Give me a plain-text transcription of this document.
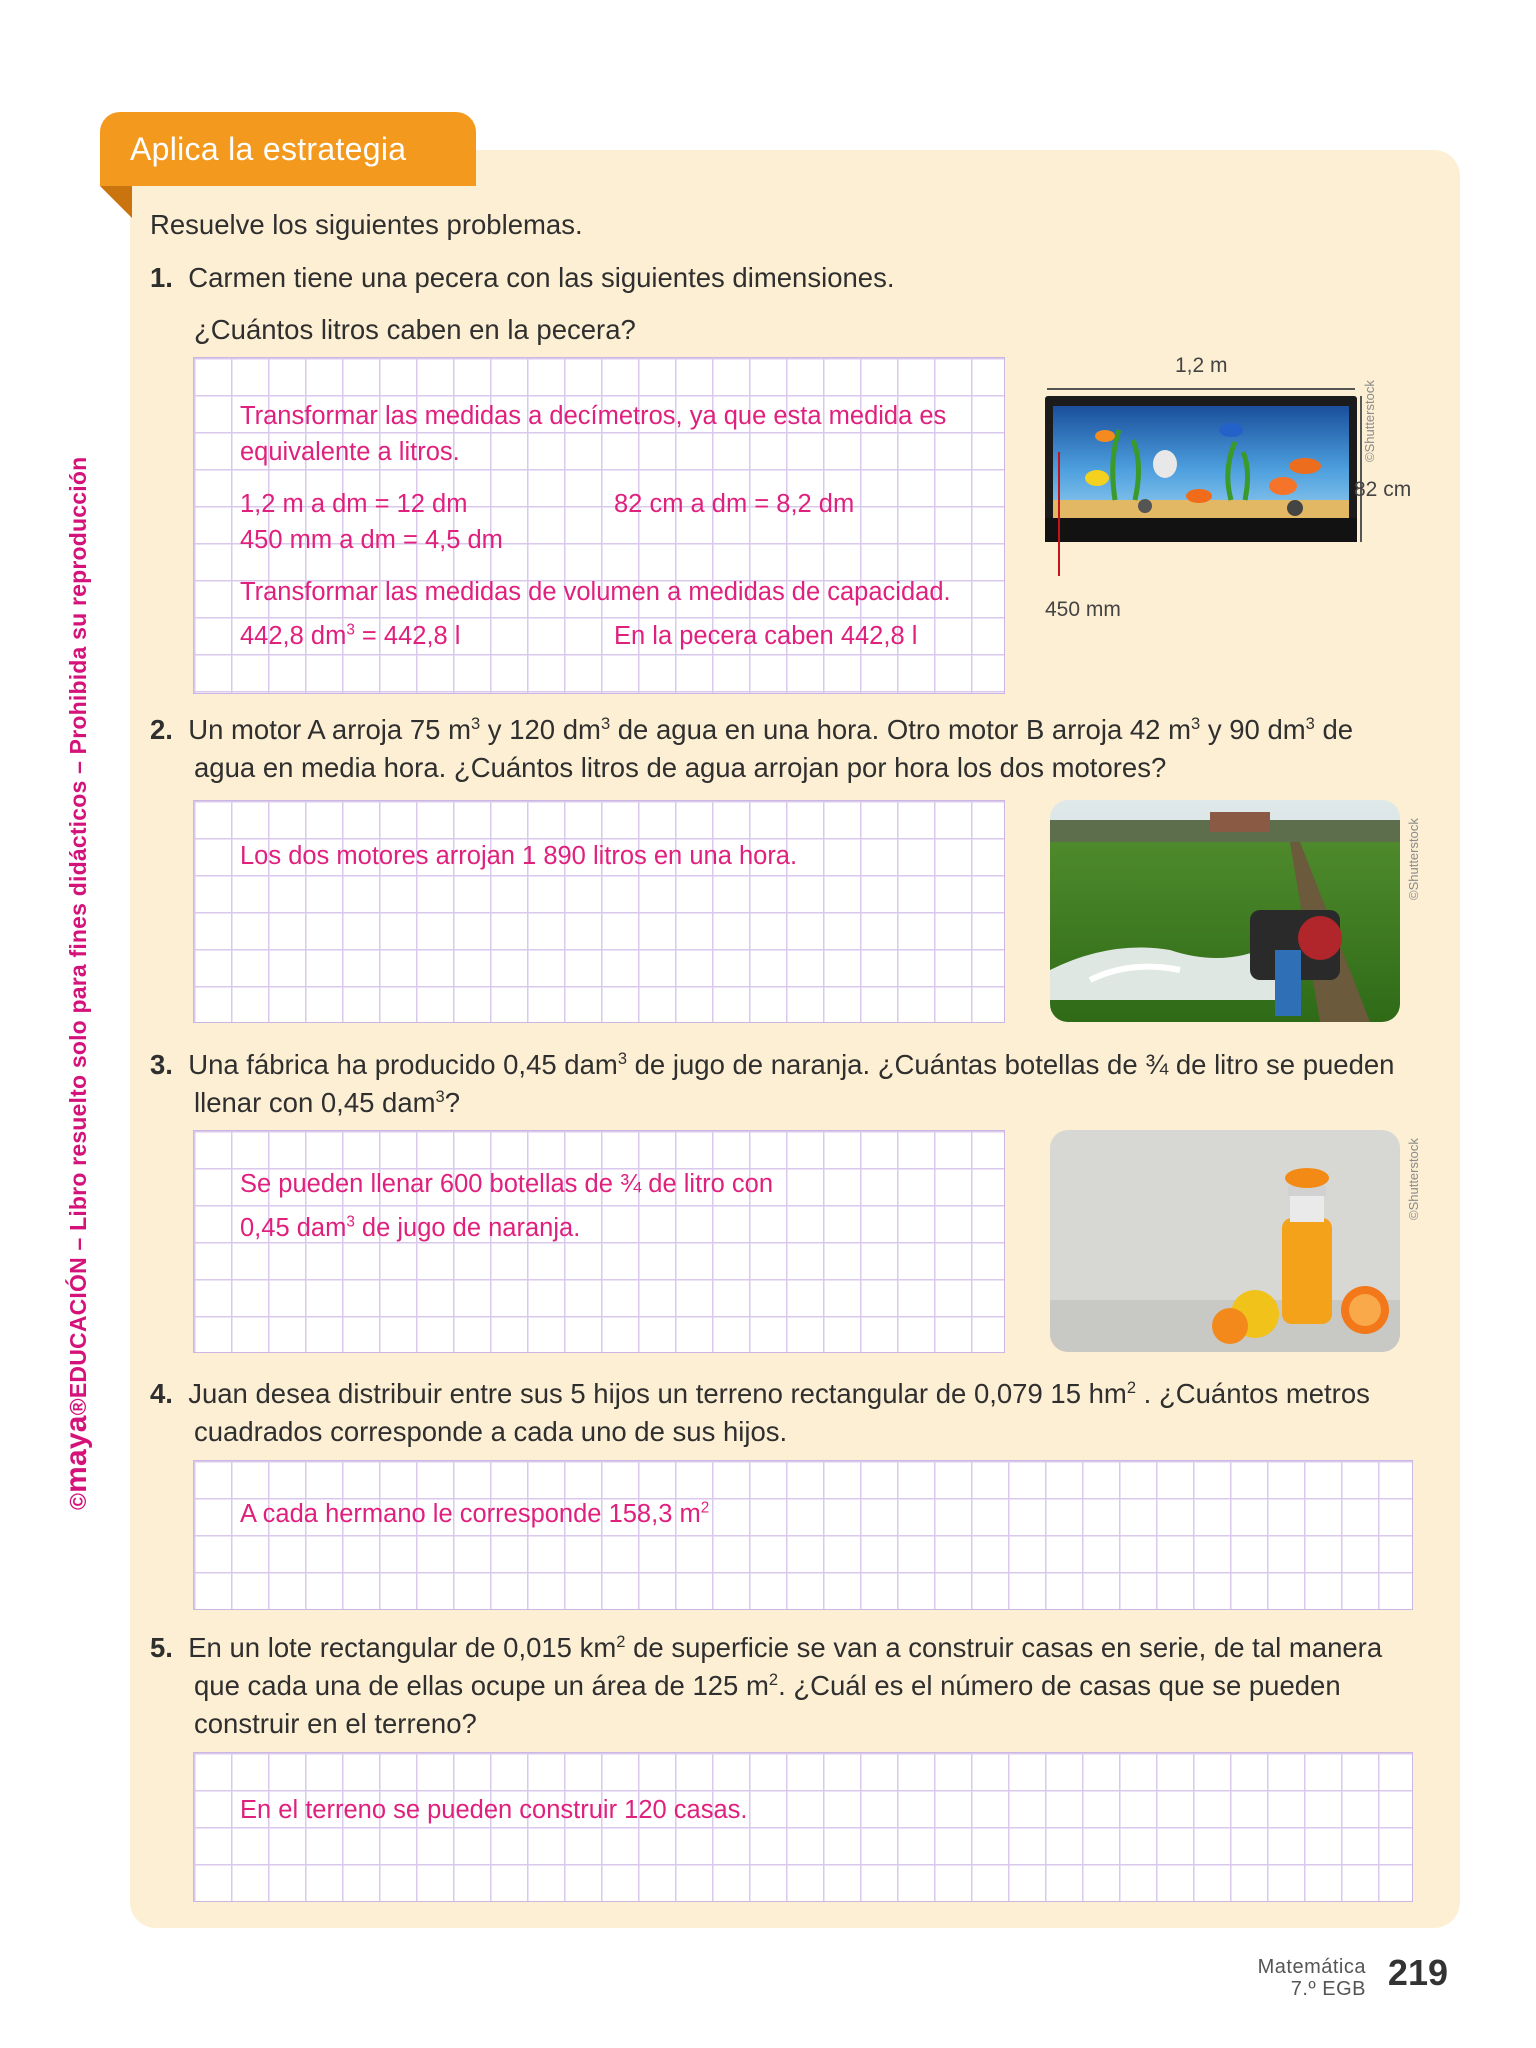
Aplica la estrategia
©maya®EDUCACIÓN – Libro resuelto solo para fines didácticos – Prohibida su reproducción
Resuelve los siguientes problemas.
1. Carmen tiene una pecera con las siguientes dimensiones.
¿Cuántos litros caben en la pecera?
Transformar las medidas a decímetros, ya que esta medida es
equivalente a litros.
1,2 m a dm = 12 dm	82 cm a dm = 8,2 dm
450 mm a dm = 4,5 dm
Transformar las medidas de volumen a medidas de capacidad.
442,8 $dm^3 = 442,8$ l	En la pecera caben 442,8 l
1,2 m
450 mm
82 cm
©Shutterstock
2. Un motor A arroja 75 $m^3$ y 120 $dm^3$ de agua en una hora. Otro motor B arroja 42 $m^3$ y 90 $dm^3$ de
agua en media hora. ¿Cuántos litros de agua arrojan por hora los dos motores?
Los dos motores arrojan 1 890 litros en una hora.	©Shutterstock
3. Una fábrica ha producido 0,45 dam$^3$ de jugo de naranja. ¿Cuántas botellas de ¾ de litro se pueden
llenar con 0,45 dam$^3$?
Se pueden llenar 600 botellas de ¾ de litro con
0,45 dam$^3$ de jugo de naranja.
©Shutterstock
4. Juan desea distribuir entre sus 5 hijos un terreno rectangular de 0,079 15 $hm^2$ . ¿Cuántos metros
cuadrados corresponde a cada uno de sus hijos.
A cada hermano le corresponde 158,3 $m^2$
5. En un lote rectangular de 0,015 $km^2$ de superficie se van a construir casas en serie, de tal manera
que cada una de ellas ocupe un área de 125 $m^2$. ¿Cuál es el número de casas que se pueden
construir en el terreno?
En el terreno se pueden construir 120 casas.
Matemática
7.º EGB 219
